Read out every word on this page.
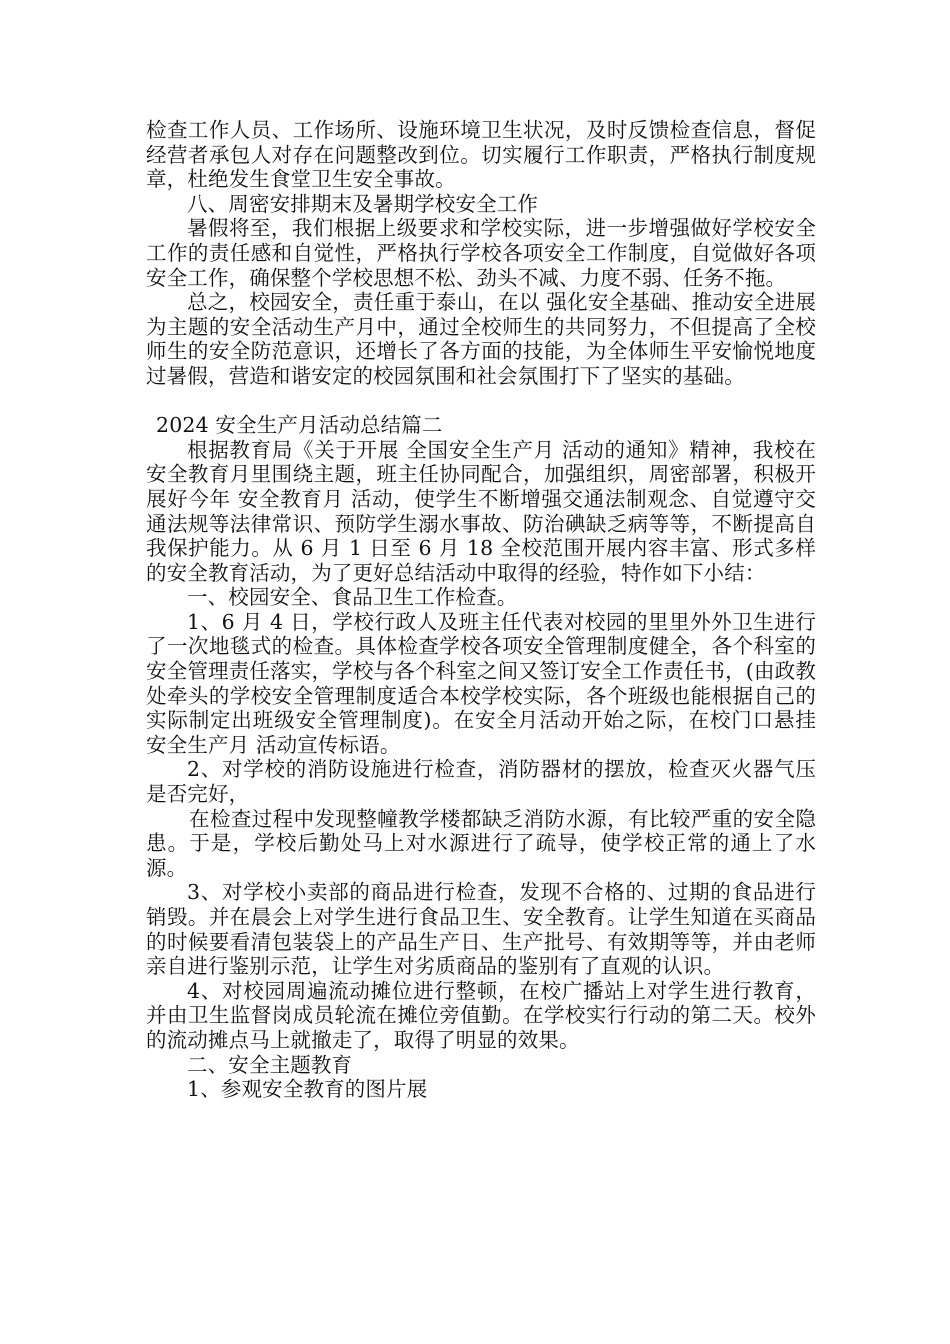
检查工作人员、工作场所、设施环境卫生状况，及时反馈检查信息，督促经营者承包人对存在问题整改到位。切实履行工作职责，严格执行制度规章，杜绝发生食堂卫生安全事故。

八、周密安排期末及暑期学校安全工作

暑假将至，我们根据上级要求和学校实际，进一步增强做好学校安全工作的责任感和自觉性，严格执行学校各项安全工作制度，自觉做好各项安全工作，确保整个学校思想不松、劲头不减、力度不弱、任务不拖。

总之，校园安全，责任重于泰山，在以 强化安全基础、推动安全进展 为主题的安全活动生产月中，通过全校师生的共同努力，不但提高了全校师生的安全防范意识，还增长了各方面的技能，为全体师生平安愉悦地度过暑假，营造和谐安定的校园氛围和社会氛围打下了坚实的基础。

2024 安全生产月活动总结篇二

根据教育局《关于开展 全国安全生产月 活动的通知》精神，我校在安全教育月里围绕主题，班主任协同配合，加强组织，周密部署，积极开展好今年 安全教育月 活动，使学生不断增强交通法制观念、自觉遵守交通法规等法律常识、预防学生溺水事故、防治碘缺乏病等等，不断提高自我保护能力。从 6 月 1 日至 6 月 18 全校范围开展内容丰富、形式多样的安全教育活动，为了更好总结活动中取得的经验，特作如下小结：

一、校园安全、食品卫生工作检查。

1、6 月 4 日，学校行政人及班主任代表对校园的里里外外卫生进行了一次地毯式的检查。具体检查学校各项安全管理制度健全，各个科室的安全管理责任落实，学校与各个科室之间又签订安全工作责任书，(由政教处牵头的学校安全管理制度适合本校学校实际，各个班级也能根据自己的实际制定出班级安全管理制度)。在安全月活动开始之际，在校门口悬挂 安全生产月 活动宣传标语。

2、对学校的消防设施进行检查，消防器材的摆放，检查灭火器气压是否完好，

在检查过程中发现整幢教学楼都缺乏消防水源，有比较严重的安全隐患。于是，学校后勤处马上对水源进行了疏导，使学校正常的通上了水源。

3、对学校小卖部的商品进行检查，发现不合格的、过期的食品进行销毁。并在晨会上对学生进行食品卫生、安全教育。让学生知道在买商品的时候要看清包装袋上的产品生产日、生产批号、有效期等等，并由老师亲自进行鉴别示范，让学生对劣质商品的鉴别有了直观的认识。

4、对校园周遍流动摊位进行整顿，在校广播站上对学生进行教育，并由卫生监督岗成员轮流在摊位旁值勤。在学校实行行动的第二天。校外的流动摊点马上就撤走了，取得了明显的效果。

二、安全主题教育

1、参观安全教育的图片展
